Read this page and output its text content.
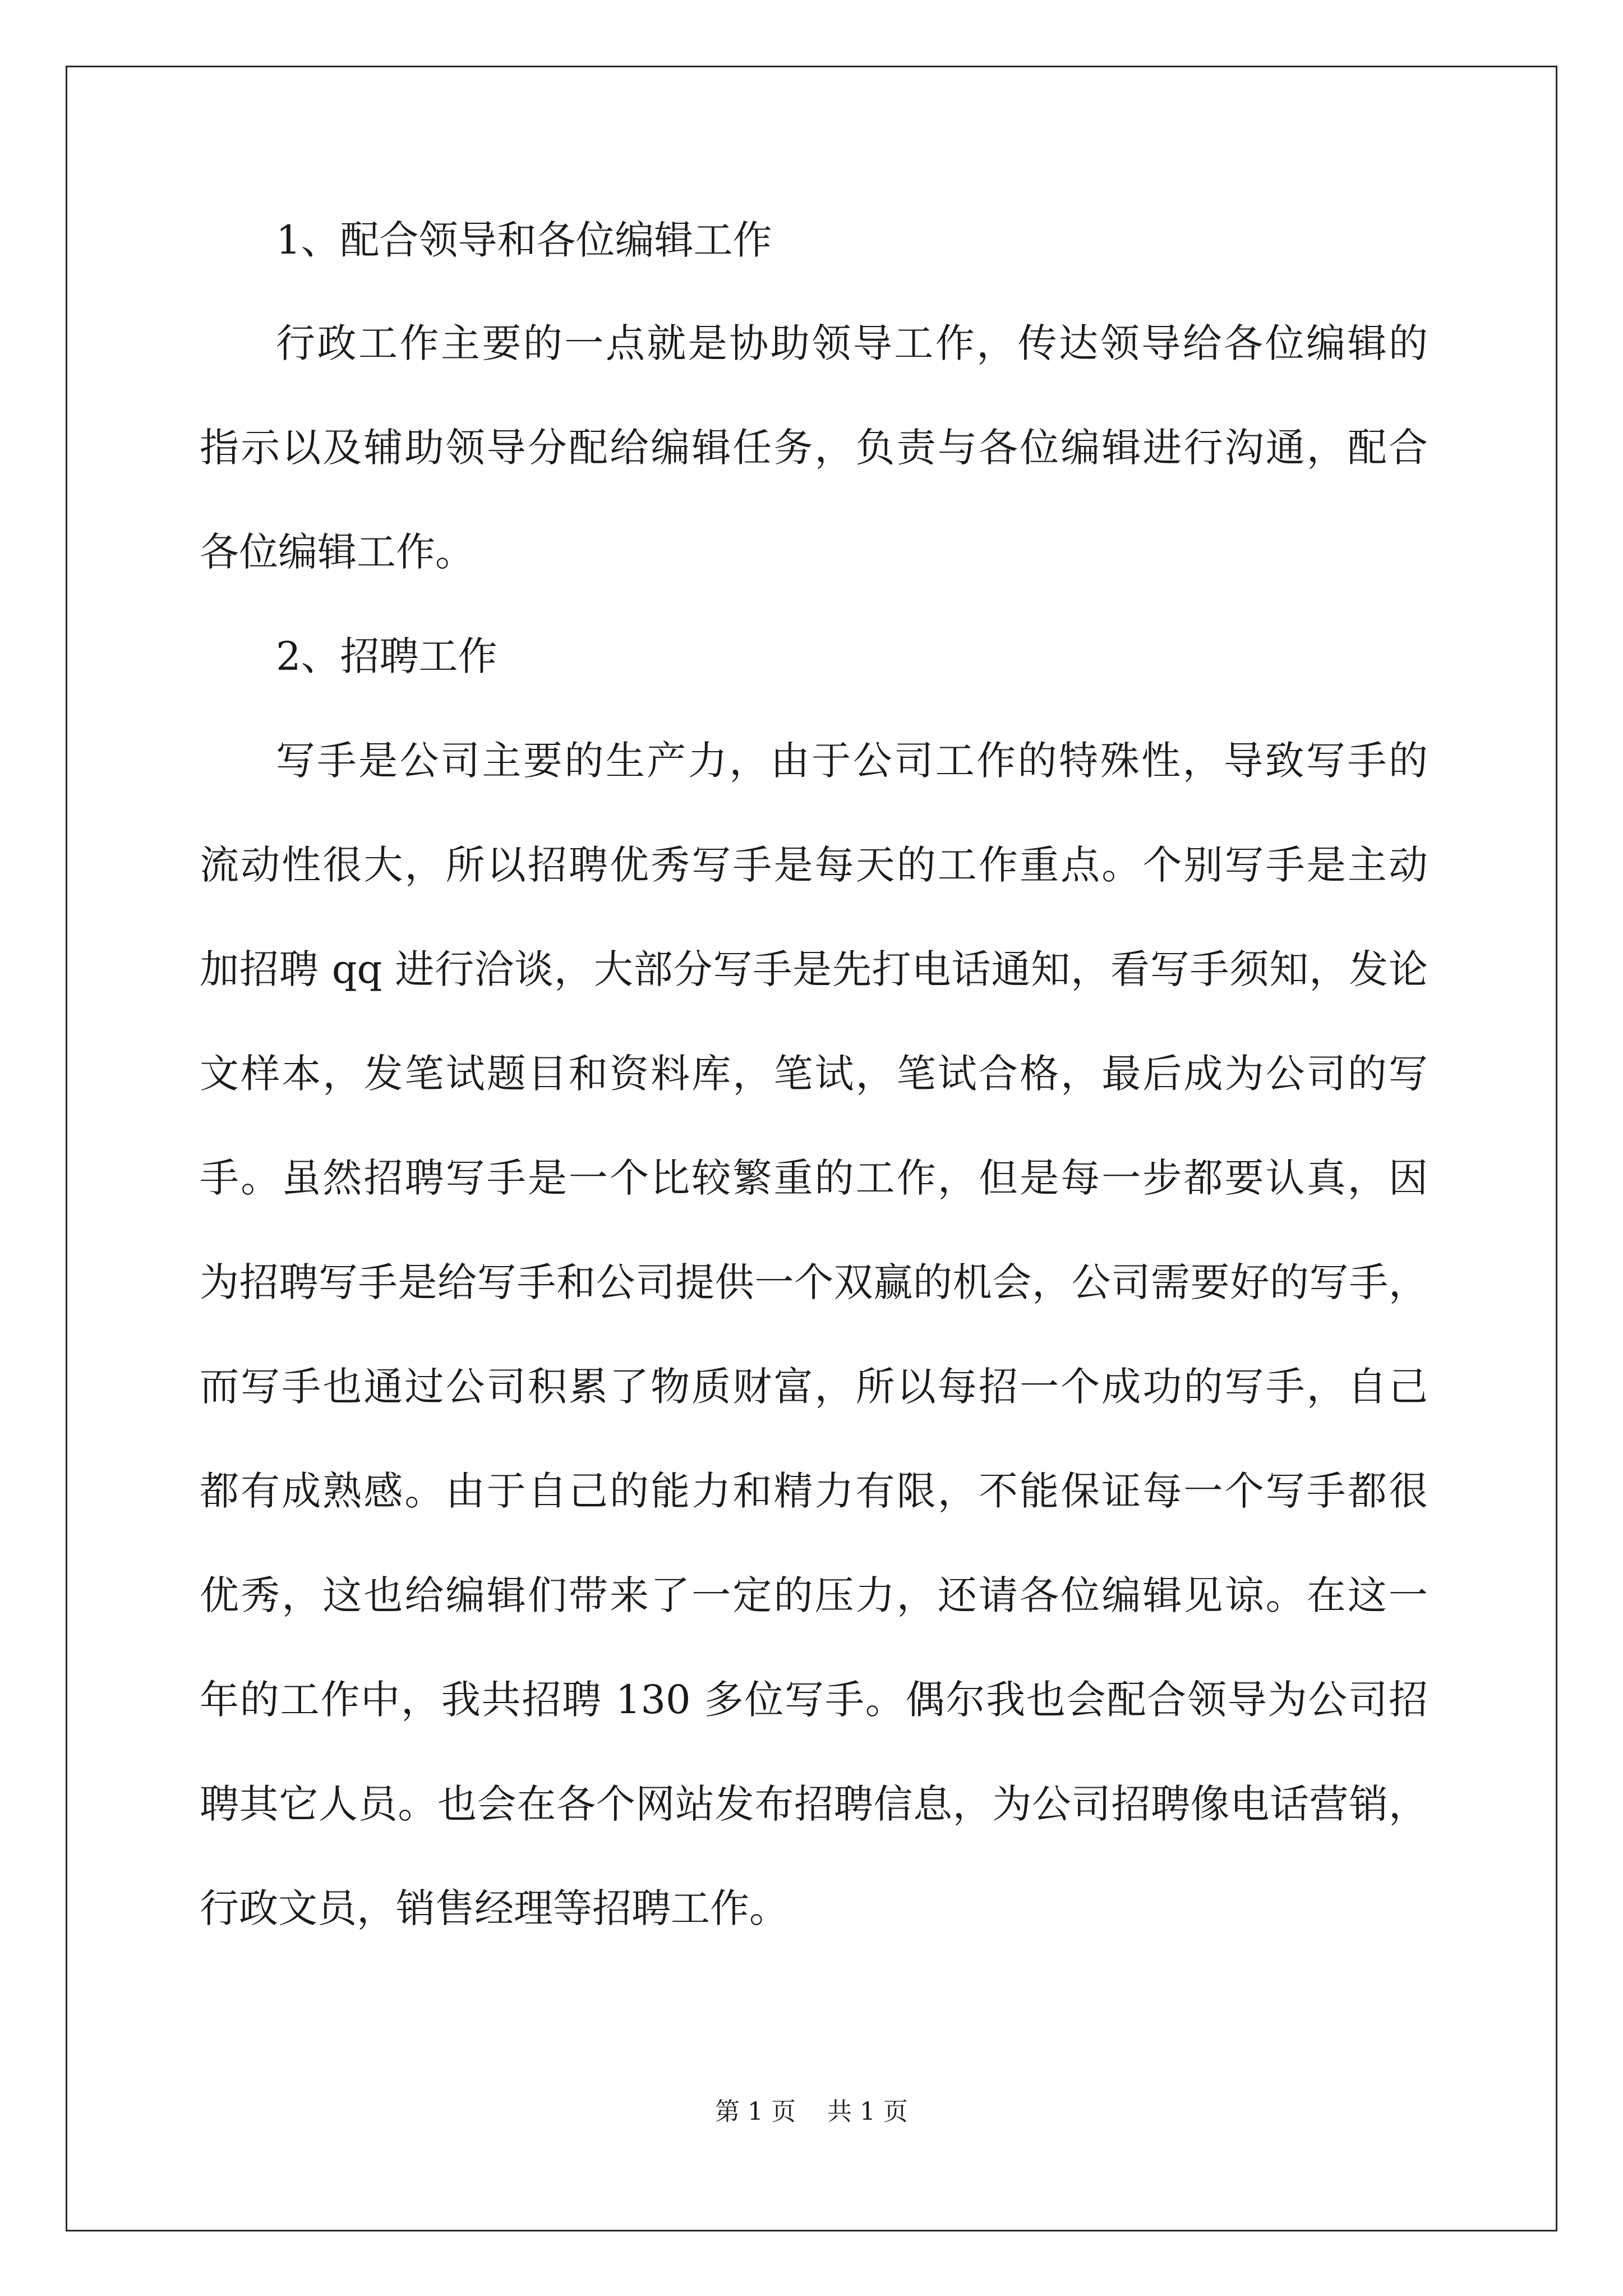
1、配合领导和各位编辑工作
行政工作主要的一点就是协助领导工作，传达领导给各位编辑的
指示以及辅助领导分配给编辑任务，负责与各位编辑进行沟通，配合
各位编辑工作。
2、招聘工作
写手是公司主要的生产力，由于公司工作的特殊性，导致写手的
流动性很大，所以招聘优秀写手是每天的工作重点。个别写手是主动
加招聘 qq 进行洽谈，大部分写手是先打电话通知，看写手须知，发论
文样本，发笔试题目和资料库，笔试，笔试合格，最后成为公司的写
手。虽然招聘写手是一个比较繁重的工作，但是每一步都要认真，因
为招聘写手是给写手和公司提供一个双赢的机会，公司需要好的写手，
而写手也通过公司积累了物质财富，所以每招一个成功的写手，自己
都有成熟感。由于自己的能力和精力有限，不能保证每一个写手都很
优秀，这也给编辑们带来了一定的压力，还请各位编辑见谅。在这一
年的工作中，我共招聘 130 多位写手。偶尔我也会配合领导为公司招
聘其它人员。也会在各个网站发布招聘信息，为公司招聘像电话营销，
行政文员，销售经理等招聘工作。
第 1 页    共 1 页
